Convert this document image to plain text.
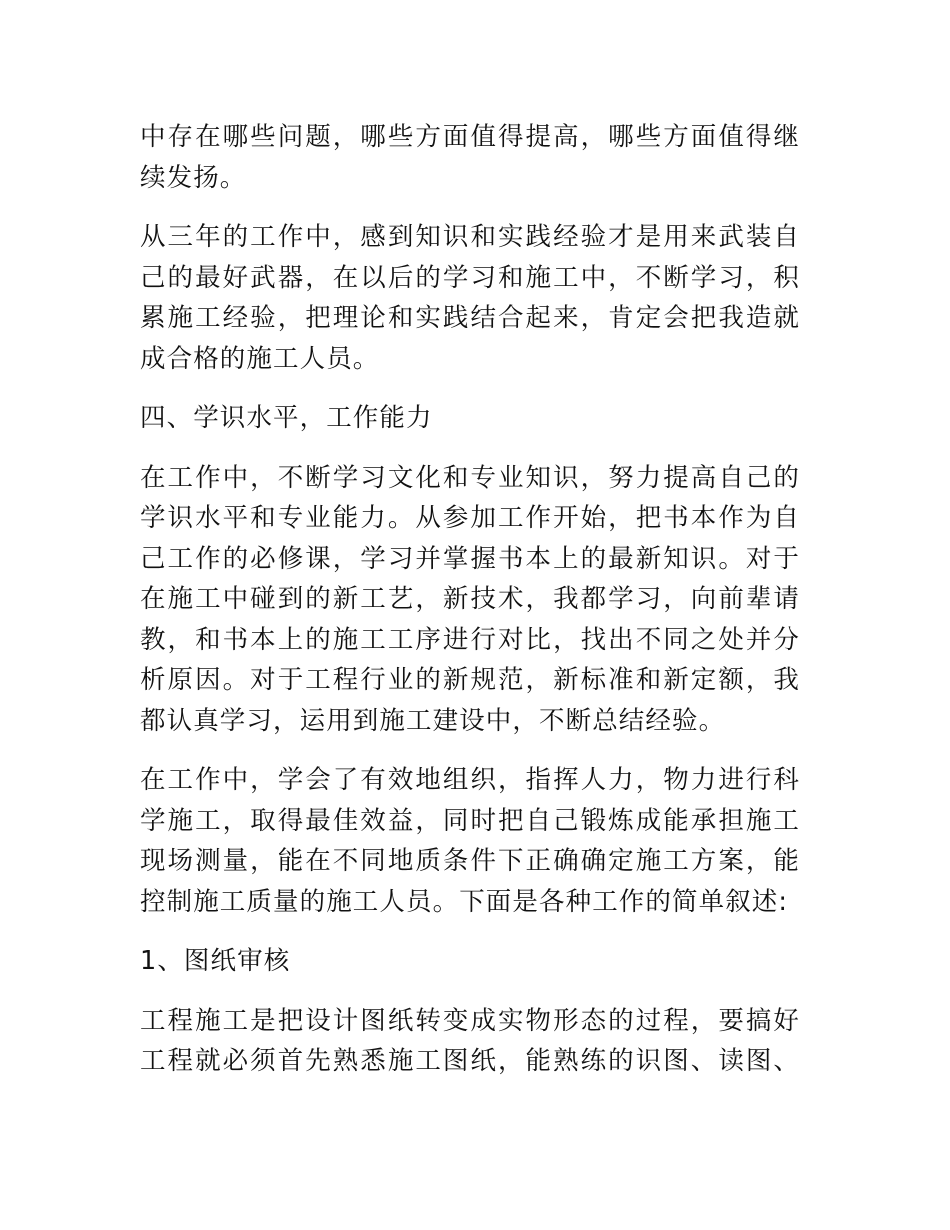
中存在哪些问题，哪些方面值得提高，哪些方面值得继
续发扬。

从三年的工作中，感到知识和实践经验才是用来武装自
己的最好武器，在以后的学习和施工中，不断学习，积
累施工经验，把理论和实践结合起来，肯定会把我造就
成合格的施工人员。

四、学识水平，工作能力

在工作中，不断学习文化和专业知识，努力提高自己的
学识水平和专业能力。从参加工作开始，把书本作为自
己工作的必修课，学习并掌握书本上的最新知识。对于
在施工中碰到的新工艺，新技术，我都学习，向前辈请
教，和书本上的施工工序进行对比，找出不同之处并分
析原因。对于工程行业的新规范，新标准和新定额，我
都认真学习，运用到施工建设中，不断总结经验。

在工作中，学会了有效地组织，指挥人力，物力进行科
学施工，取得最佳效益，同时把自己锻炼成能承担施工
现场测量，能在不同地质条件下正确确定施工方案，能
控制施工质量的施工人员。下面是各种工作的简单叙述:

1、图纸审核

工程施工是把设计图纸转变成实物形态的过程，要搞好
工程就必须首先熟悉施工图纸，能熟练的识图、读图、
